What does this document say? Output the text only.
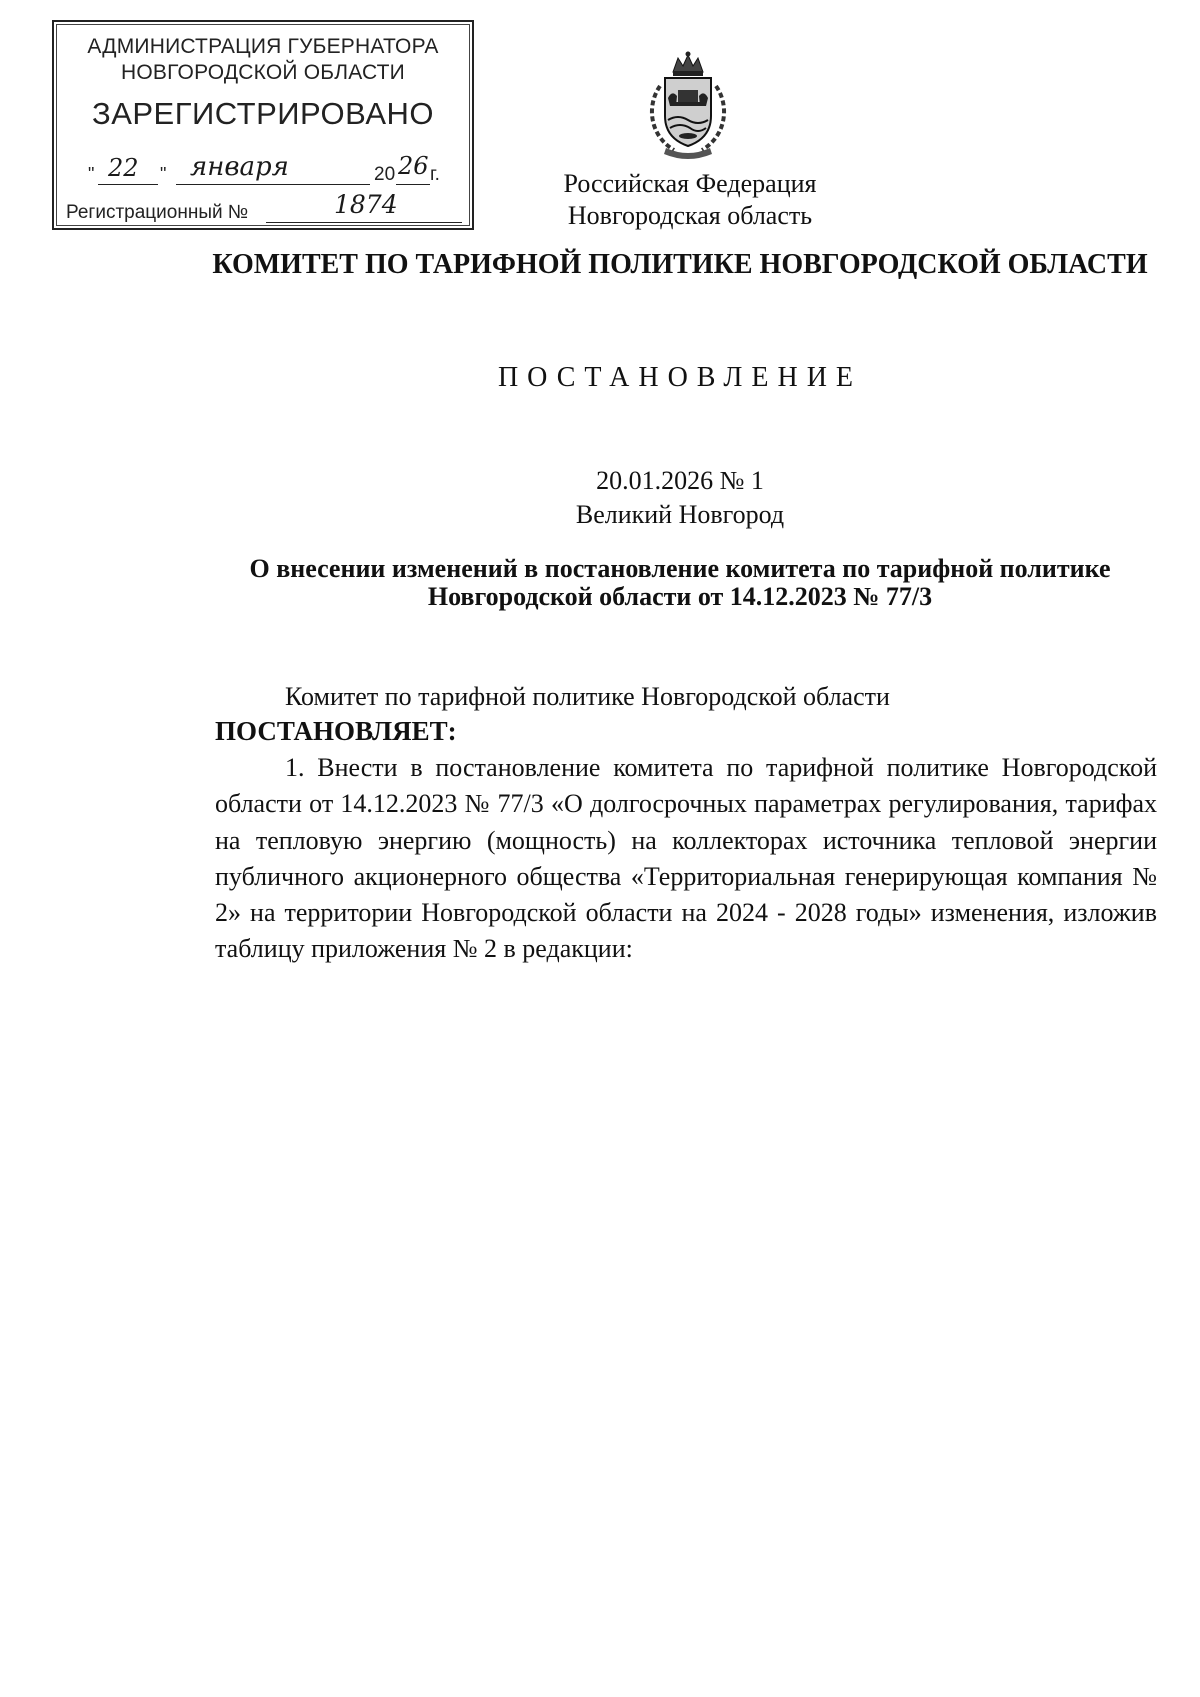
АДМИНИСТРАЦИЯ ГУБЕРНАТОРА
НОВГОРОДСКОЙ ОБЛАСТИ
ЗАРЕГИСТРИРОВАНО
" 22 " января	20 26 г.
Регистрационный №	1874
Российская Федерация
Новгородская область
КОМИТЕТ ПО ТАРИФНОЙ ПОЛИТИКЕ НОВГОРОДСКОЙ ОБЛАСТИ
ПОСТАНОВЛЕНИЕ
20.01.2026 № 1
Великий Новгород
О внесении изменений в постановление комитета по тарифной политике
Новгородской области от 14.12.2023 № 77/3
Комитет по тарифной политике Новгородской области
ПОСТАНОВЛЯЕТ:
1. Внести в постановление комитета по тарифной политике Новгородской области от 14.12.2023 № 77/3 «О долгосрочных параметрах регулирования, тарифах на тепловую энергию (мощность) на коллекторах источника тепловой энергии публичного акционерного общества «Территориальная генерирующая компания № 2» на территории Новгородской области на 2024 - 2028 годы» изменения, изложив таблицу приложения № 2 в редакции:
